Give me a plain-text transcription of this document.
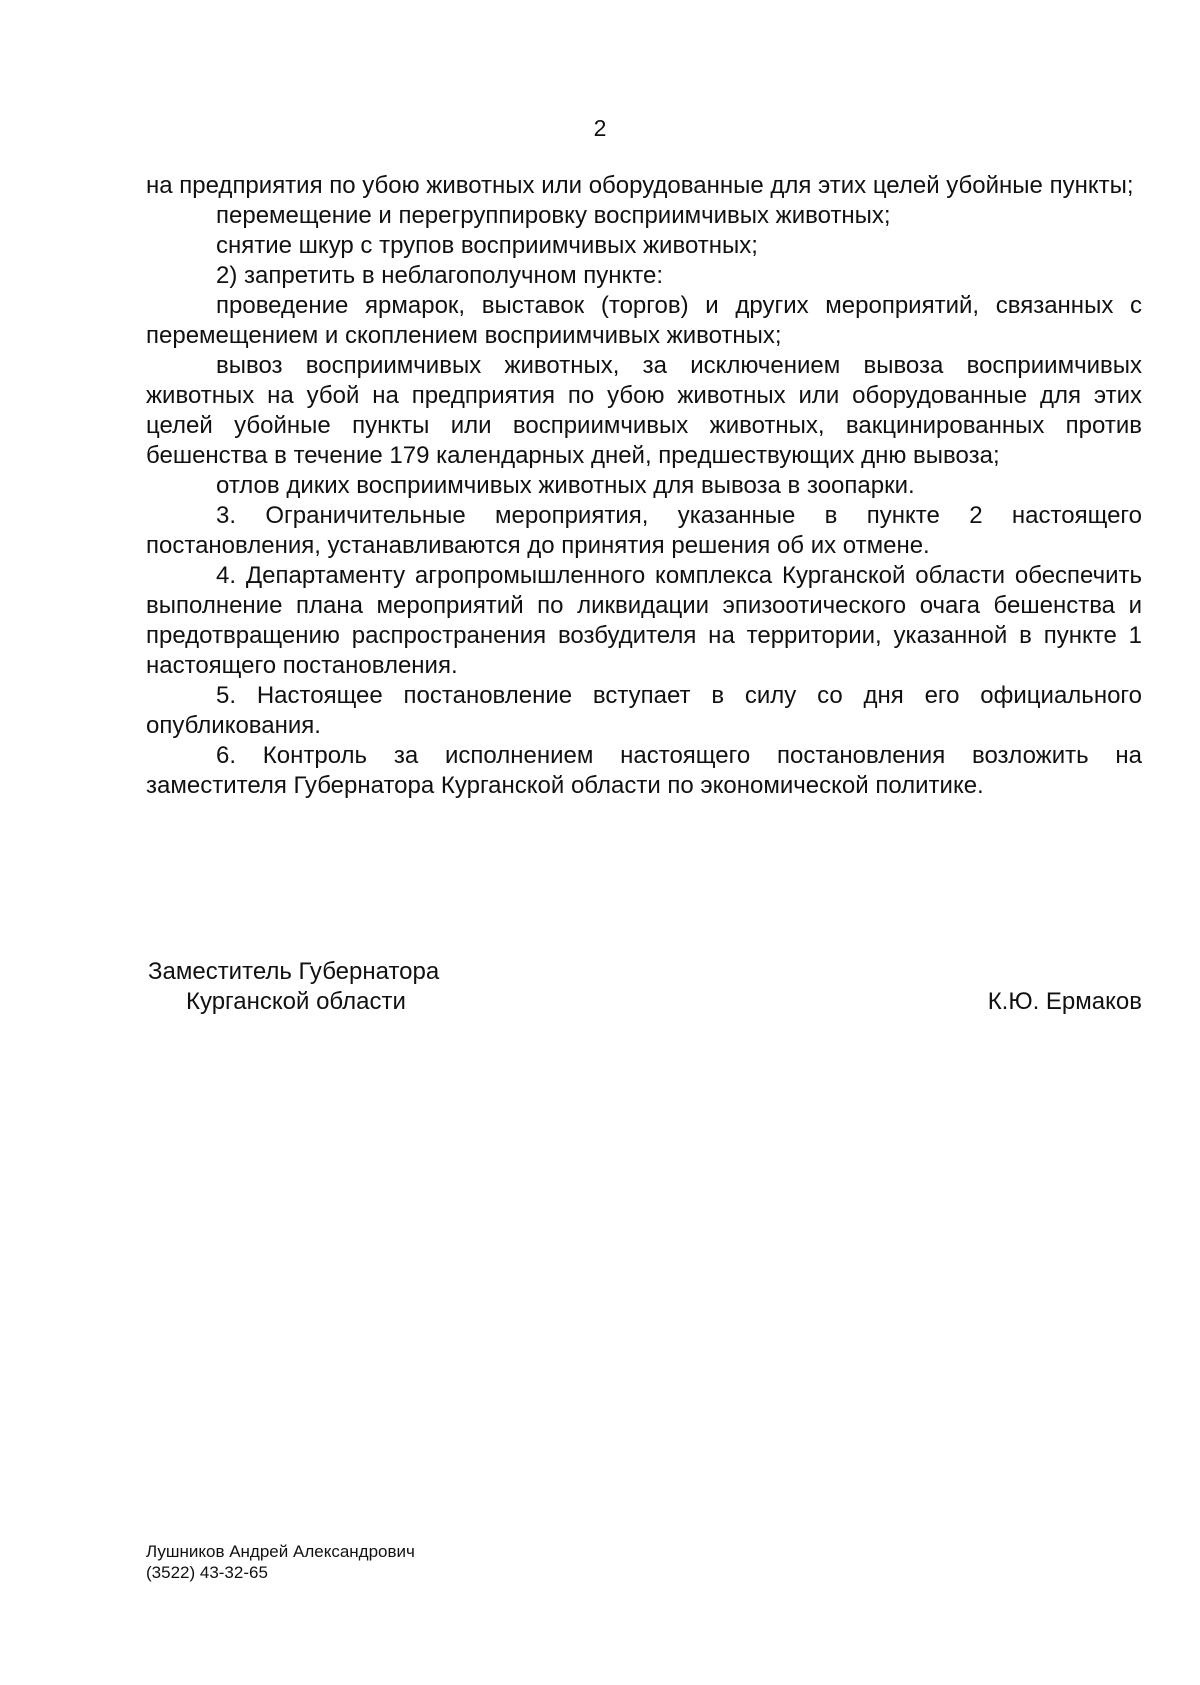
2

на предприятия по убою животных или оборудованные для этих целей убойные пункты;

перемещение и перегруппировку восприимчивых животных;

снятие шкур с трупов восприимчивых животных;

2) запретить в неблагополучном пункте:

проведение ярмарок, выставок (торгов) и других мероприятий, связанных с перемещением и скоплением восприимчивых животных;

вывоз восприимчивых животных, за исключением вывоза восприимчивых животных на убой на предприятия по убою животных или оборудованные для этих целей убойные пункты или восприимчивых животных, вакцинированных против бешенства в течение 179 календарных дней, предшествующих дню вывоза;

отлов диких восприимчивых животных для вывоза в зоопарки.

3. Ограничительные мероприятия, указанные в пункте 2 настоящего постановления, устанавливаются до принятия решения об их отмене.

4. Департаменту агропромышленного комплекса Курганской области обеспечить выполнение плана мероприятий по ликвидации эпизоотического очага бешенства и предотвращению распространения возбудителя на территории, указанной в пункте 1 настоящего постановления.

5. Настоящее постановление вступает в силу со дня его официального опубликования.

6. Контроль за исполнением настоящего постановления возложить на заместителя Губернатора Курганской области по экономической политике.

Заместитель Губернатора
Курганской области	К.Ю. Ермаков
Лушников Андрей Александрович
(3522) 43-32-65
